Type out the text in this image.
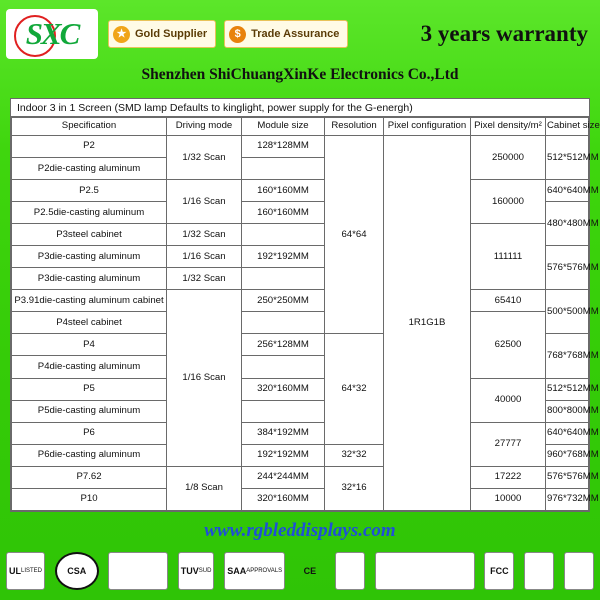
SXC	★ Gold Supplier	$ Trade Assurance	3 years warranty
Shenzhen ShiChuangXinKe Electronics Co.,Ltd
Indoor 3 in 1 Screen (SMD lamp Defaults to kinglight, power supply for the G-energh)
Specification	Driving mode	Module size	Resolution	Pixel configuration	Pixel density/m²	Cabinet size
P2	1/32 Scan	128*128MM	64*64	1R1G1B	250000	512*512MM
P2die-casting aluminum						
P2.5	1/16 Scan	160*160MM			160000	640*640MM
P2.5die-casting aluminum		160*160MM				480*480MM
P3steel cabinet	1/32 Scan				111111	
P3die-casting aluminum	1/16 Scan	192*192MM				576*576MM
P3die-casting aluminum	1/32 Scan					
P3.91die-casting aluminum cabinet	1/16 Scan	250*250MM			65410	500*500MM
P4steel cabinet					62500	
P4		256*128MM	64*32			768*768MM
P4die-casting aluminum						
P5		320*160MM			40000	512*512MM
P5die-casting aluminum						800*800MM
P6		384*192MM			27777	640*640MM
P6die-casting aluminum		192*192MM	32*32			960*768MM
P7.62	1/8 Scan	244*244MM	32*16		17222	576*576MM
P10		320*160MM			10000	976*732MM
www.rgbleddisplays.com
UL LISTED	CSA	ENERGY STAR TUV SUD SAA APPROVALS CE RoHS Compatible with Windows FCC	ISO CCC
